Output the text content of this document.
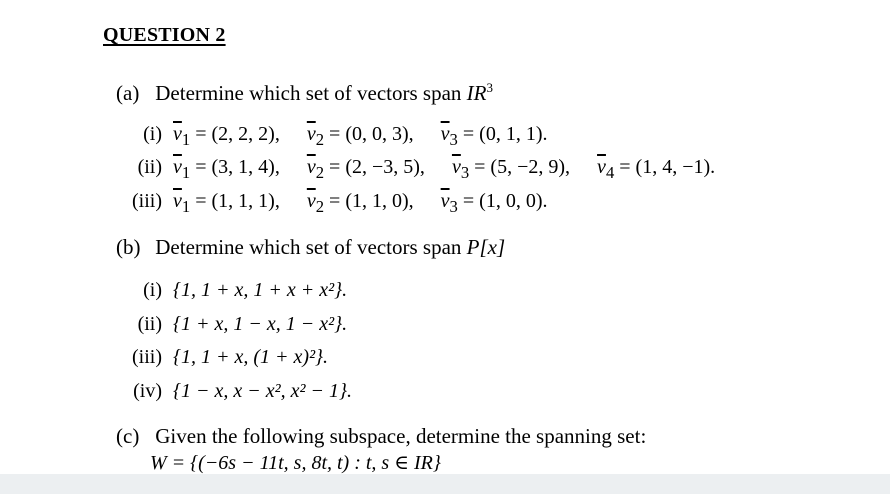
QUESTION 2
(a) Determine which set of vectors span $IR^3$
(i) $\overline{v}_1 = (2$, 2, 2), $\overline{v}_2 = (0$, 0, 3), $\overline{v}_3 = (0$, 1, 1).
(ii) $\overline{v}_1 = (3$, 1, 4), $\overline{v}_2 = (2$, −3, 5), $\overline{v}_3 = (5$, −2, 9), $\overline{v}_4 = (1$, 4, −1).
(iii) $\overline{v}_1 = (1$, 1, 1), $\overline{v}_2 = (1$, 1, 0), $\overline{v}_3 = (1$, 0, 0).
(b) Determine which set of vectors span P[x]
(i) {1, 1 + x, 1 + x + x²}.
(ii) {1 + x, 1 − x, 1 − x²}.
(iii) {1, 1 + x, (1 + x)²}.
(iv) {1 − x, x − x², x² − 1}.
(c) Given the following subspace, determine the spanning set:
W = {(−6s − 11t, s, 8t, t) : t, s ∈ IR}
